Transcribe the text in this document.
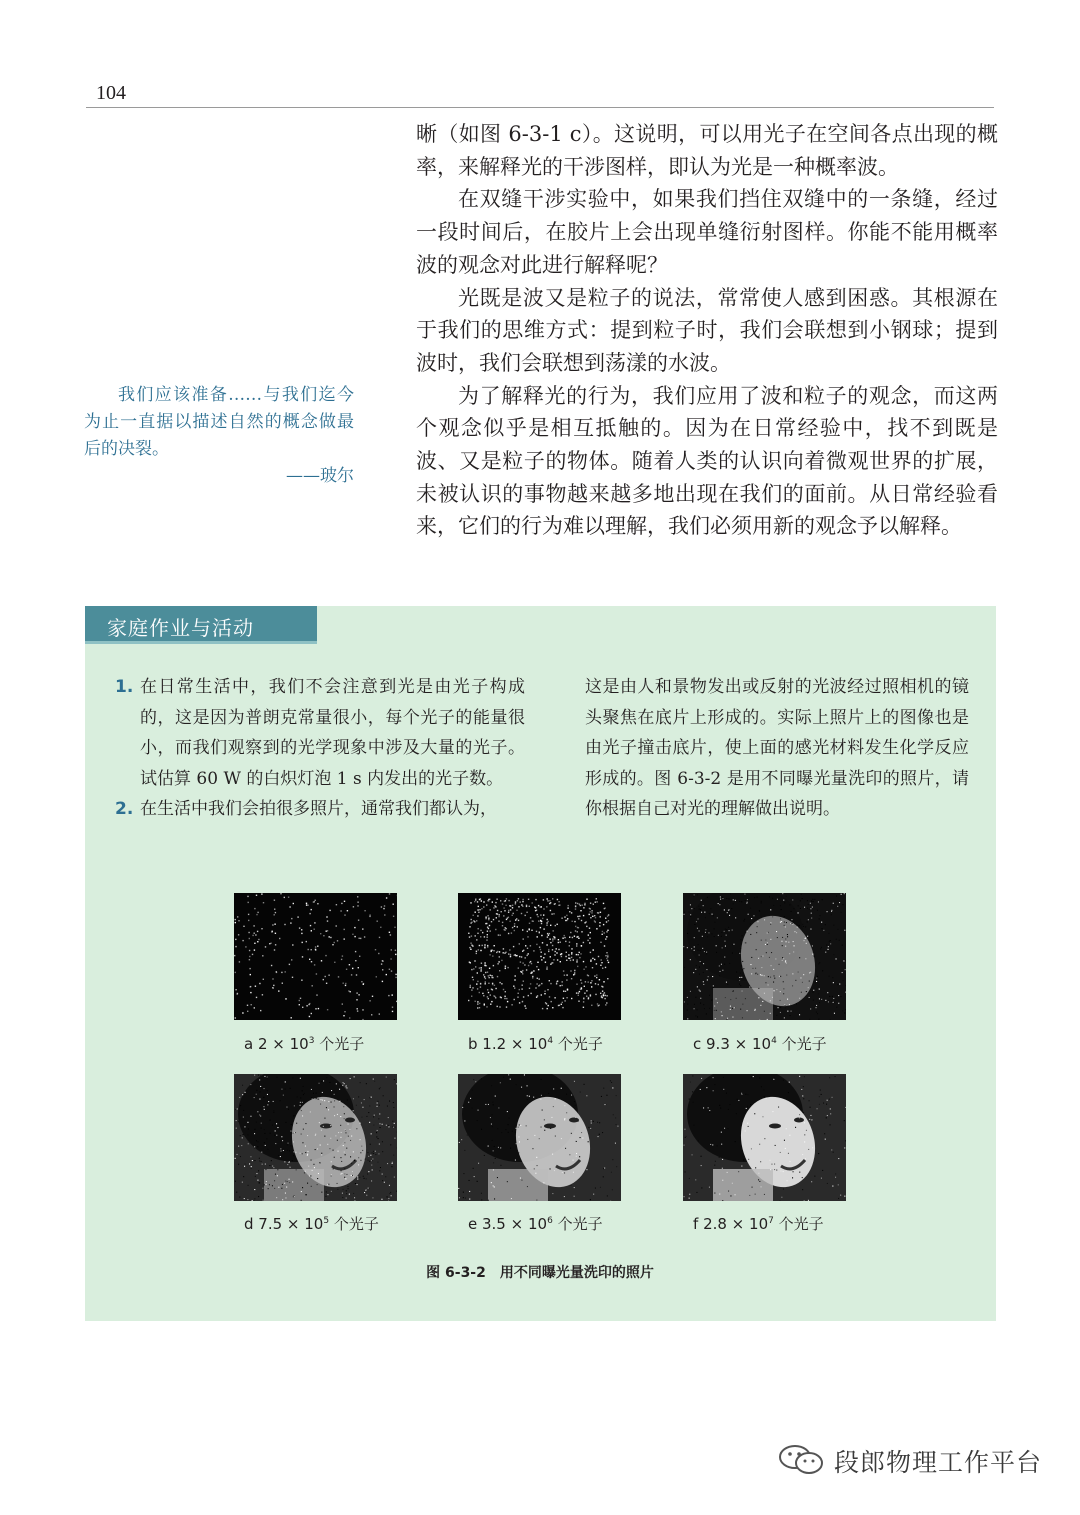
104

晰（如图 6-3-1 c）。这说明，可以用光子在空间各点出现的概率，来解释光的干涉图样，即认为光是一种概率波。

在双缝干涉实验中，如果我们挡住双缝中的一条缝，经过一段时间后，在胶片上会出现单缝衍射图样。你能不能用概率波的观念对此进行解释呢？

光既是波又是粒子的说法，常常使人感到困惑。其根源在于我们的思维方式：提到粒子时，我们会联想到小钢球；提到波时，我们会联想到荡漾的水波。

为了解释光的行为，我们应用了波和粒子的观念，而这两个观念似乎是相互抵触的。因为在日常经验中，找不到既是波、又是粒子的物体。随着人类的认识向着微观世界的扩展，未被认识的事物越来越多地出现在我们的面前。从日常经验看来，它们的行为难以理解，我们必须用新的观念予以解释。

我们应该准备……与我们迄今为止一直据以描述自然的概念做最后的决裂。
——玻尔
家庭作业与活动
1. 在日常生活中，我们不会注意到光是由光子构成的，这是因为普朗克常量很小，每个光子的能量很小，而我们观察到的光学现象中涉及大量的光子。试估算 60 W 的白炽灯泡 1 s 内发出的光子数。
2. 在生活中我们会拍很多照片，通常我们都认为，
这是由人和景物发出或反射的光波经过照相机的镜头聚焦在底片上形成的。实际上照片上的图像也是由光子撞击底片，使上面的感光材料发生化学反应形成的。图 6-3-2 是用不同曝光量洗印的照片，请你根据自己对光的理解做出说明。
a $2 \times 10^3$ 个光子	b $1.2 \times 10^4$ 个光子	c $9.3 \times 10^4$ 个光子
d $7.5 \times 10^5$ 个光子	e $3.5 \times 10^6$ 个光子	f $2.8 \times 10^7$ 个光子
图 6-3-2　用不同曝光量洗印的照片
段郎物理工作平台
